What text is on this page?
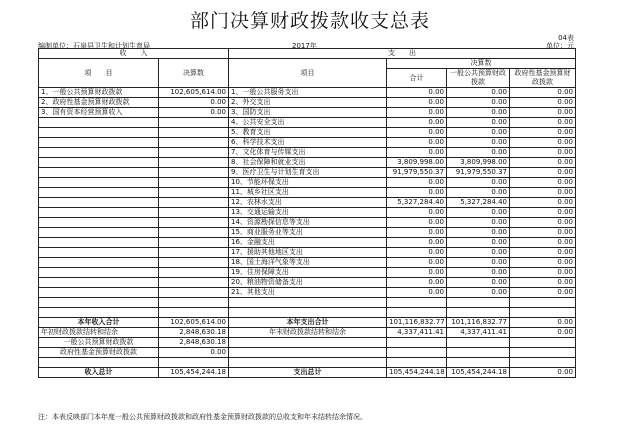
部门决算财政拨款收支总表
04表
编制单位：石泉县卫生和计划生育局	2017年	单位：元
收　　入		支　　出			
项　　目	决算数	项目	决算数		
			合计	一般公共预算财政拨款	政府性基金预算财政拨款

1、一般公共预算财政拨款	102,605,614.00	1、一般公共服务支出	0.00	0.00	0.00
2、政府性基金预算财政拨款	0.00	2、外交支出	0.00	0.00	0.00
3、国有资本经营预算收入	0.00	3、国防支出	0.00	0.00	0.00
		4、公共安全支出	0.00	0.00	0.00
		5、教育支出	0.00	0.00	0.00
		6、科学技术支出	0.00	0.00	0.00
		7、文化体育与传媒支出	0.00	0.00	0.00
		8、社会保障和就业支出	3,809,998.00	3,809,998.00	0.00
		9、医疗卫生与计划生育支出	91,979,550.37	91,979,550.37	0.00
		10、节能环保支出	0.00	0.00	0.00
		11、城乡社区支出	0.00	0.00	0.00
		12、农林水支出	5,327,284.40	5,327,284.40	0.00
		13、交通运输支出	0.00	0.00	0.00
		14、资源勘探信息等支出	0.00	0.00	0.00
		15、商业服务业等支出	0.00	0.00	0.00
		16、金融支出	0.00	0.00	0.00
		17、援助其他地区支出	0.00	0.00	0.00
		18、国土海洋气象等支出	0.00	0.00	0.00
		19、住房保障支出	0.00	0.00	0.00
		20、粮油物资储备支出	0.00	0.00	0.00
		21、其他支出	0.00	0.00	0.00

本年收入合计	102,605,614.00	本年支出合计	101,116,832.77	101,116,832.77	0.00
年初财政拨款结转和结余	2,848,630.18	年末财政拨款结转和结余	4,337,411.41	4,337,411.41	0.00
一般公共预算财政拨款	2,848,630.18				
政府性基金预算财政拨款	0.00				

收入总计	105,454,244.18	支出总计	105,454,244.18	105,454,244.18	0.00
注：本表反映部门本年度一般公共预算财政拨款和政府性基金预算财政拨款的总收支和年末结转结余情况。
